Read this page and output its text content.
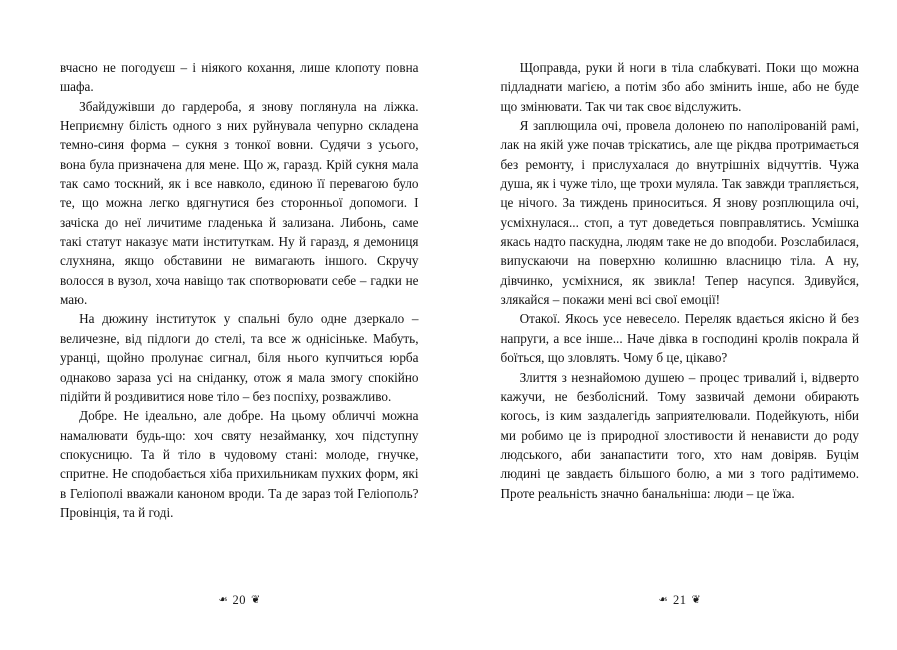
вчасно не погодуєш – і ніякого кохання, лише клопоту повна шафа.

Збайдужівши до гардероба, я знову поглянула на ліжка. Неприємну білість одного з них руйнувала чепурно складена темно-синя форма – сукня з тонкої вовни. Судячи з усього, вона була призначена для мене. Що ж, гаразд. Крій сукня мала так само тоскний, як і все навколо, єдиною її перевагою було те, що можна легко вдягнутися без сторонньої допомоги. І зачіска до неї личитиме гладенька й зализана. Либонь, саме такі статут наказує мати інституткам. Ну й гаразд, я демониця слухняна, якщо обставини не вимагають іншого. Скручу волосся в вузол, хоча навіщо так спотворювати себе – гадки не маю.

На дюжину інституток у спальні було одне дзеркало – величезне, від підлоги до стелі, та все ж однісіньке. Мабуть, уранці, щойно пролунає сигнал, біля нього купчиться юрба однаково зараза усі на сніданку, отож я мала змогу спокійно підійти й роздивитися нове тіло – без поспіху, розважливо.

Добре. Не ідеально, але добре. На цьому обличчі можна намалювати будь-що: хоч святу незайманку, хоч підступну спокусницю. Та й тіло в чудовому стані: молоде, гнучке, спритне. Не сподобається хіба прихильникам пухких форм, які в Геліополі вважали каноном вроди. Та де зараз той Геліополь? Провінція, та й годі.

❧ 20 ❦

Щоправда, руки й ноги в тіла слабкуваті. Поки що можна підладнати магією, а потім збо або змінить інше, або не буде що змінювати. Так чи так своє відслужить.

Я заплющила очі, провела долонею по наполірованій рамі, лак на якій уже почав тріскатись, але ще рікдва протримається без ремонту, і прислухалася до внутрішніх відчуттів. Чужа душа, як і чуже тіло, ще трохи муляла. Так завжди трапляється, це нічого. За тиждень приноситься. Я знову розплющила очі, усміхнулася... стоп, а тут доведеться повправлятись. Усмішка якась надто паскудна, людям таке не до вподоби. Розслабилася, випускаючи на поверхню колишню власницю тіла. А ну, дівчинко, усміхнися, як звикла! Тепер насупся. Здивуйся, злякайся – покажи мені всі свої емоції!

Отакої. Якось усе невесело. Переляк вдається якісно й без напруги, а все інше... Наче дівка в господині кролів покрала й боїться, що зловлять. Чому б це, цікаво?

Злиття з незнайомою душею – процес тривалий і, відверто кажучи, не безболісний. Тому зазвичай демони обирають когось, із ким заздалегідь заприятелювали. Подейкують, ніби ми робимо це із природної злостивости й ненависти до роду людського, аби занапастити того, хто нам довіряв. Буцім людині це завдаєть більшого болю, а ми з того радітимемо. Проте реальність значно банальніша: люди – це їжа.

❧ 21 ❦
